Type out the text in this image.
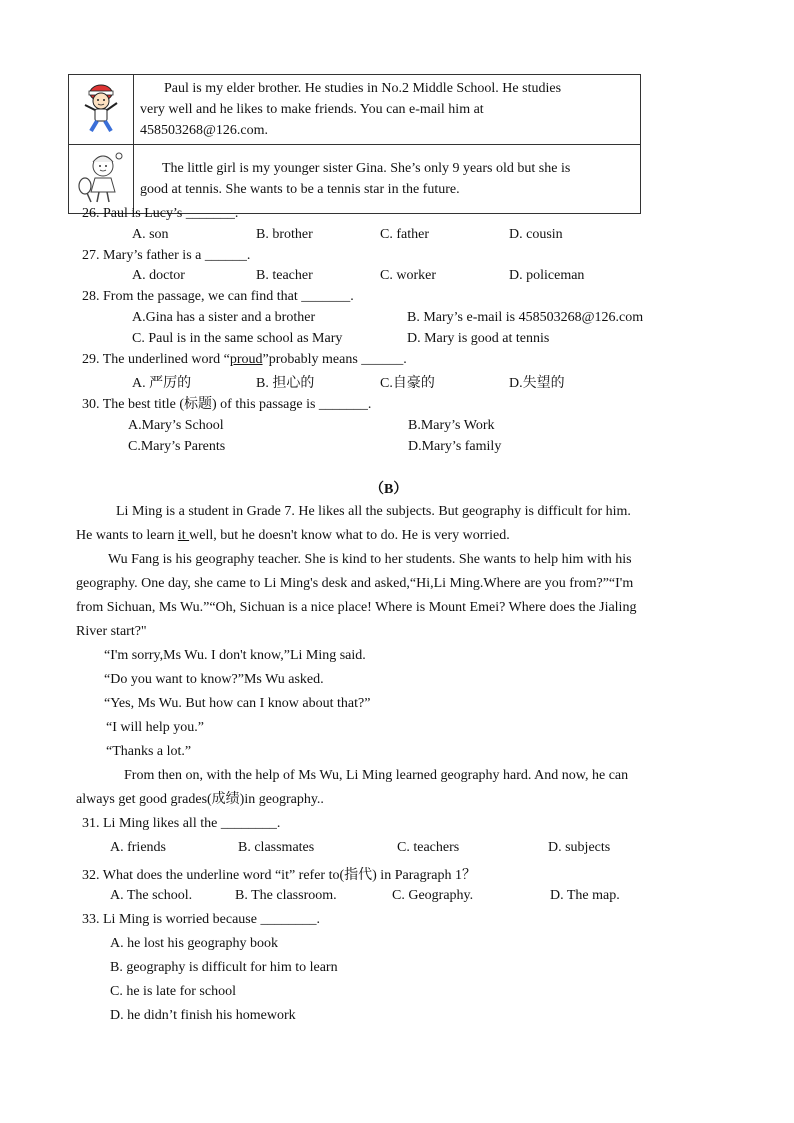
Paul is my elder brother. He studies in No.2 Middle School. He studies
very well and he likes to make friends. You can e-mail him at
458503268@126.com.

The little girl is my younger sister Gina. She’s only 9 years old but she is
good at tennis. She wants to be a tennis star in the future.
26. Paul is Lucy’s _______.
A. son	B. brother	C. father	D. cousin
27. Mary’s father is a ______.
A. doctor	B. teacher	C. worker	D. policeman
28. From the passage, we can find that _______.
A.Gina has a sister and a brother	B. Mary’s e-mail is 458503268@126.com
C. Paul is in the same school as Mary	D. Mary is good at tennis
29. The underlined word “proud”probably means ______.
A. 严厉的	B. 担心的	C.自豪的	D.失望的
30. The best title (标题) of this passage is _______.
A.Mary’s School	B.Mary’s Work
C.Mary’s Parents	D.Mary’s family
（B）
Li Ming is a student in Grade 7. He likes all the subjects. But geography is difficult for him.
He wants to learn it well, but he doesn't know what to do. He is very worried.
Wu Fang is his geography teacher. She is kind to her students. She wants to help him with his
geography. One day, she came to Li Ming's desk and asked,“Hi,Li Ming.Where are you from?”“I'm
from Sichuan, Ms Wu.”“Oh, Sichuan is a nice place! Where is Mount Emei? Where does the Jialing
River start?"
“I'm sorry,Ms Wu. I don't know,”Li Ming said.
“Do you want to know?”Ms Wu asked.
“Yes, Ms Wu. But how can I know about that?”
“I will help you.”
“Thanks a lot.”
From then on, with the help of Ms Wu, Li Ming learned geography hard. And now, he can
always get good grades(成绩)in geography..
31. Li Ming likes all the ________.
A. friends	B. classmates	C. teachers	D. subjects
32. What does the underline word “it” refer to(指代) in Paragraph 1？
A. The school.	B. The classroom.	C. Geography.	D. The map.
33. Li Ming is worried because ________.
A. he lost his geography book
B. geography is difficult for him to learn
C. he is late for school
D. he didn’t finish his homework
